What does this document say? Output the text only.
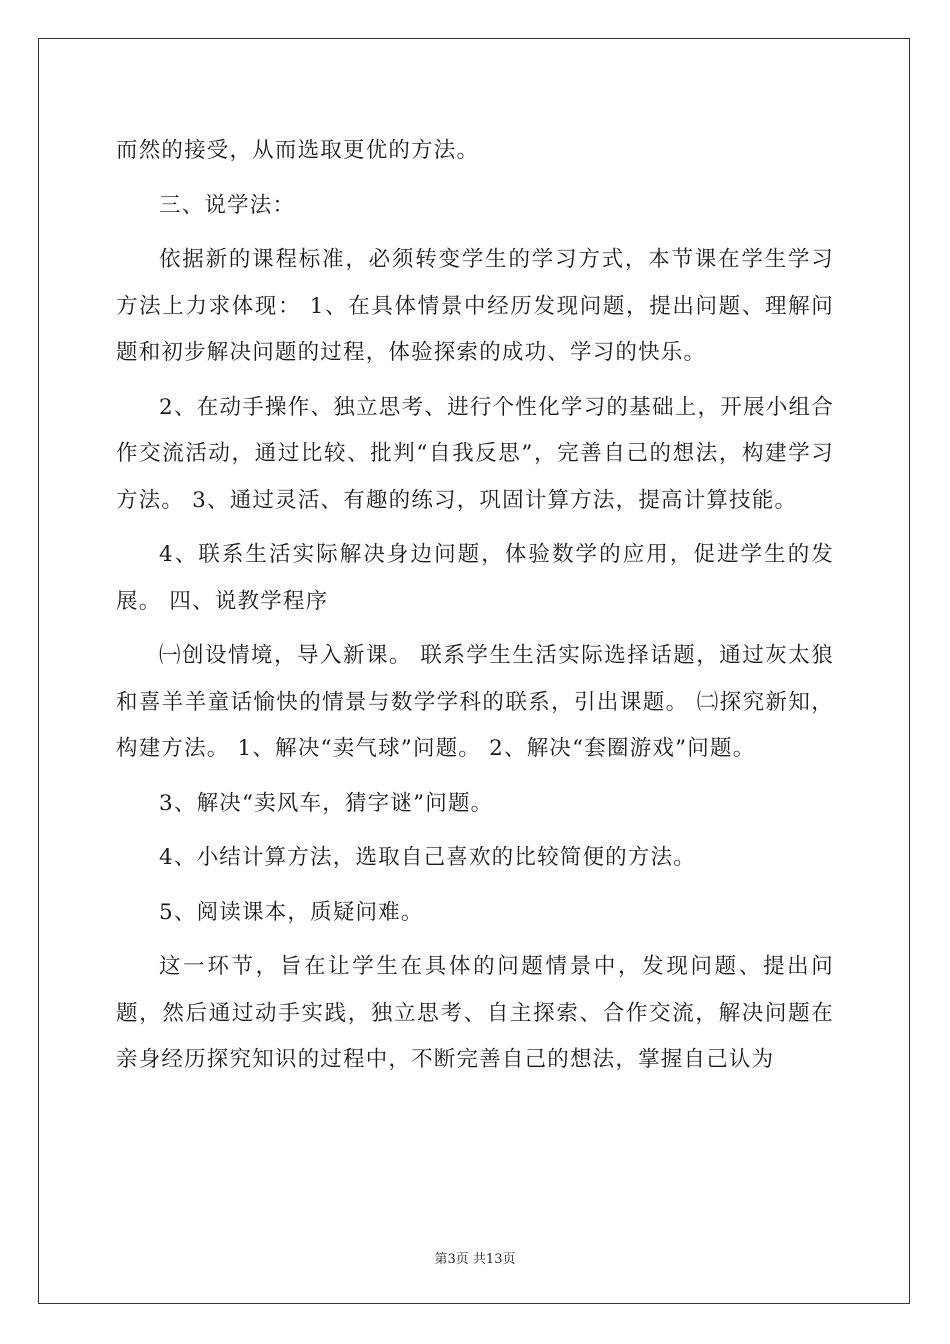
而然的接受，从而选取更优的方法。

三、说学法：

依据新的课程标准，必须转变学生的学习方式，本节课在学生学习方法上力求体现： 1、在具体情景中经历发现问题，提出问题、理解问题和初步解决问题的过程，体验探索的成功、学习的快乐。

2、在动手操作、独立思考、进行个性化学习的基础上，开展小组合作交流活动，通过比较、批判“自我反思”，完善自己的想法，构建学习方法。 3、通过灵活、有趣的练习，巩固计算方法，提高计算技能。

4、联系生活实际解决身边问题，体验数学的应用，促进学生的发展。 四、说教学程序

㈠创设情境，导入新课。 联系学生生活实际选择话题，通过灰太狼和喜羊羊童话愉快的情景与数学学科的联系，引出课题。 ㈡探究新知，构建方法。 1、解决“卖气球”问题。 2、解决“套圈游戏”问题。

3、解决“卖风车，猜字谜”问题。

4、小结计算方法，选取自己喜欢的比较简便的方法。

5、阅读课本，质疑问难。

这一环节，旨在让学生在具体的问题情景中，发现问题、提出问题，然后通过动手实践，独立思考、自主探索、合作交流，解决问题在亲身经历探究知识的过程中，不断完善自己的想法，掌握自己认为

第3页 共13页
